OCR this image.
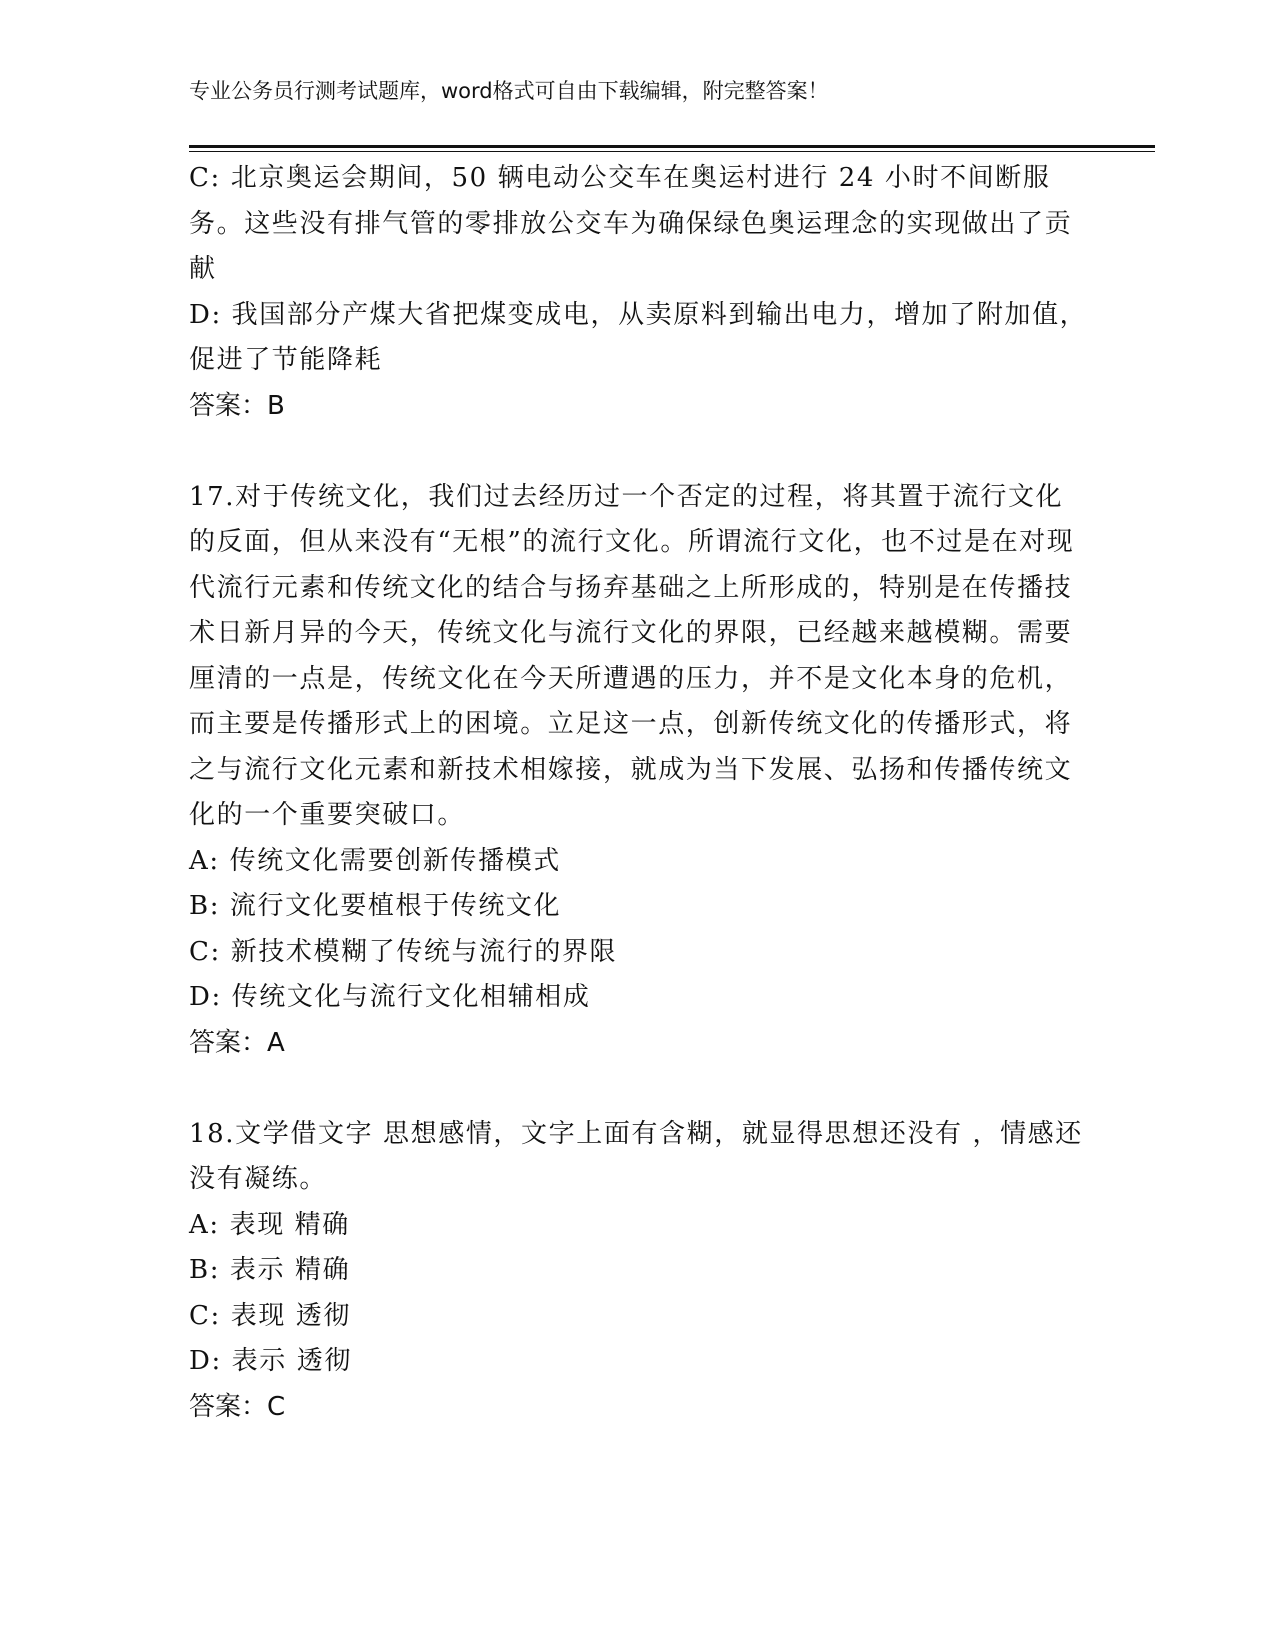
专业公务员行测考试题库，word格式可自由下载编辑，附完整答案！

C: 北京奥运会期间，50 辆电动公交车在奥运村进行 24 小时不间断服务。这些没有排气管的零排放公交车为确保绿色奥运理念的实现做出了贡献

D: 我国部分产煤大省把煤变成电，从卖原料到输出电力，增加了附加值，促进了节能降耗

答案：B

17.对于传统文化，我们过去经历过一个否定的过程，将其置于流行文化的反面，但从来没有“无根”的流行文化。所谓流行文化，也不过是在对现代流行元素和传统文化的结合与扬弃基础之上所形成的，特别是在传播技术日新月异的今天，传统文化与流行文化的界限，已经越来越模糊。需要厘清的一点是，传统文化在今天所遭遇的压力，并不是文化本身的危机，而主要是传播形式上的困境。立足这一点，创新传统文化的传播形式，将之与流行文化元素和新技术相嫁接，就成为当下发展、弘扬和传播传统文化的一个重要突破口。

A: 传统文化需要创新传播模式

B: 流行文化要植根于传统文化

C: 新技术模糊了传统与流行的界限

D: 传统文化与流行文化相辅相成

答案：A

18.文学借文字 思想感情，文字上面有含糊，就显得思想还没有 ，情感还没有凝练。

A: 表现 精确

B: 表示 精确

C: 表现 透彻

D: 表示 透彻

答案：C
